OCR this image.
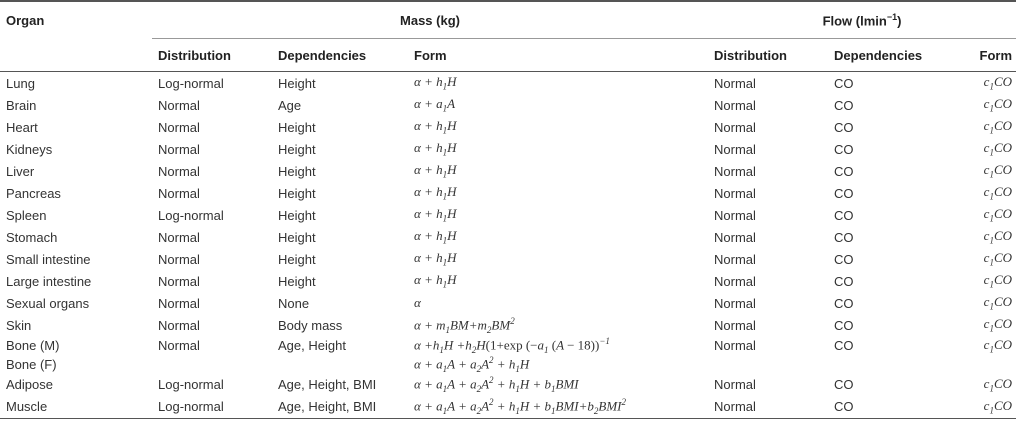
Organ	Mass (kg)			Flow (lmin$^{-1}$)		
	Distribution	Dependencies	Form	Distribution	Dependencies	Form
Lung	Log-normal	Height	$\alpha + h_1H$	Normal	CO	$c_1CO$
Brain	Normal	Age	$\alpha + a_1A$	Normal	CO	$c_1CO$
Heart	Normal	Height	$\alpha + h_1H$	Normal	CO	$c_1CO$
Kidneys	Normal	Height	$\alpha + h_1H$	Normal	CO	$c_1CO$
Liver	Normal	Height	$\alpha + h_1H$	Normal	CO	$c_1CO$
Pancreas	Normal	Height	$\alpha + h_1H$	Normal	CO	$c_1CO$
Spleen	Log-normal	Height	$\alpha + h_1H$	Normal	CO	$c_1CO$
Stomach	Normal	Height	$\alpha + h_1H$	Normal	CO	$c_1CO$
Small intestine	Normal	Height	$\alpha + h_1H$	Normal	CO	$c_1CO$
Large intestine	Normal	Height	$\alpha + h_1H$	Normal	CO	$c_1CO$
Sexual organs	Normal	None	α	Normal	CO	$c_1CO$
Skin	Normal	Body mass	$\alpha + m_1BM+m_2BM^2$	Normal	CO	$c_1CO$
Bone (M)	Normal	Age, Height	$\alpha +h_1H +h_2H(1+\exp$ ($-a_1$ (A − 18))$^{-1}$	Normal	CO	$c_1CO$
Bone (F)			$\alpha + a_1A + a_2A^2 + h_1H$			
Adipose	Log-normal	Age, Height, BMI	$\alpha + a_1A + a_2A^2 + h_1H + b_1BMI$	Normal	CO	$c_1CO$
Muscle	Log-normal	Age, Height, BMI	$\alpha + a_1A + a_2A^2 + h_1H + b_1BMI+b_2BMI^2$	Normal	CO	$c_1CO$
